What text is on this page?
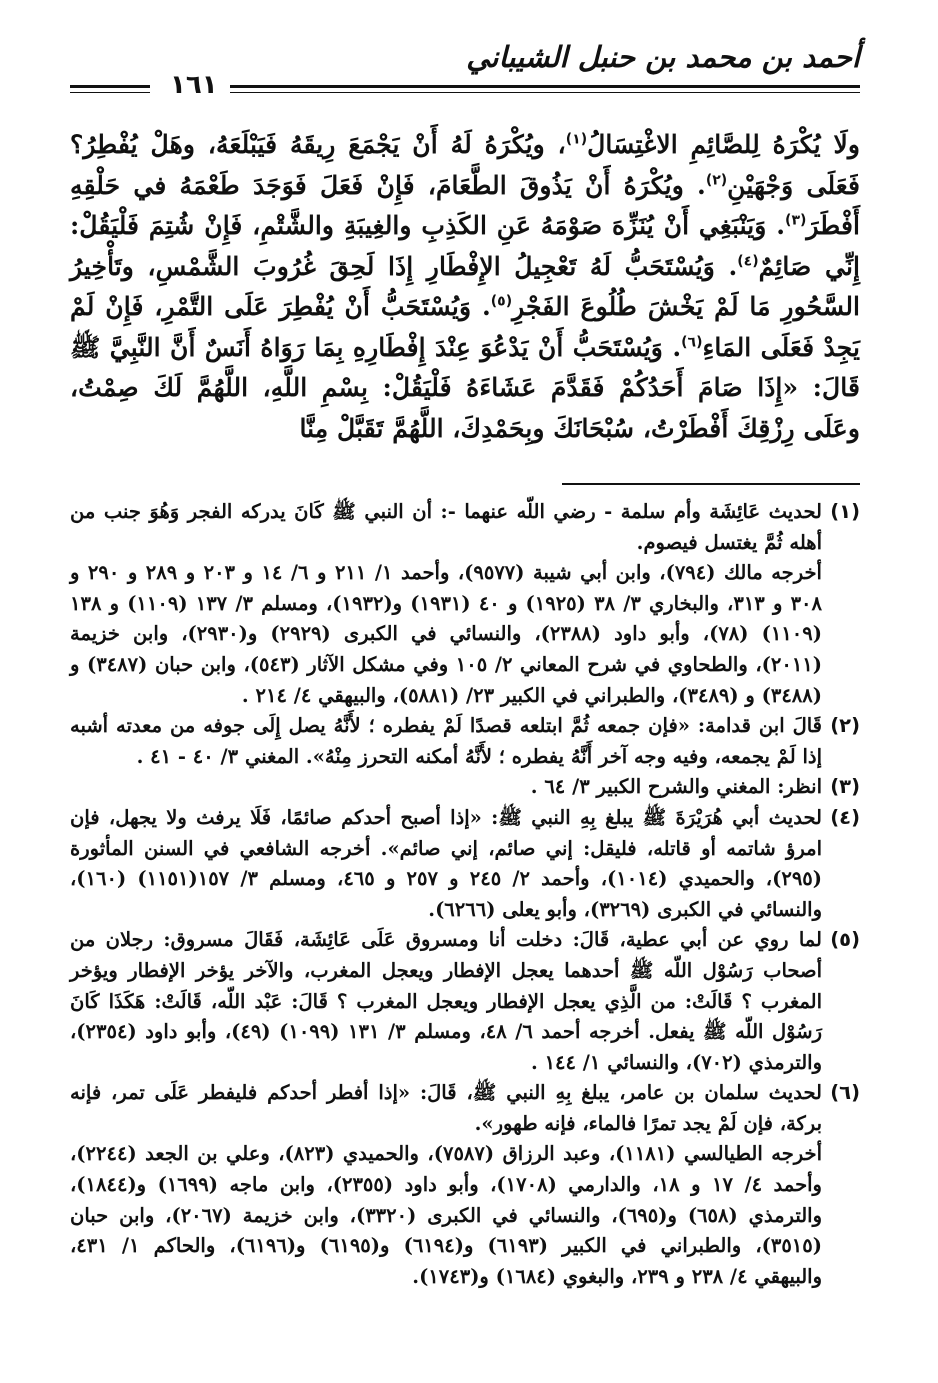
أحمد بن محمد بن حنبل الشيباني
١٦١

ولَا يُكْرَهُ لِلصَّائِمِ الاغْتِسَالُ$^{(١)}$، ويُكْرَهُ لَهُ أَنْ يَجْمَعَ رِيقَهُ فَيَبْلَعَهُ، وهَلْ يُفْطِرُ؟ فَعَلَى وَجْهَيْنِ$^{(٢)}$. ويُكْرَهُ أَنْ يَذُوقَ الطَّعَامَ، فَإِنْ فَعَلَ فَوَجَدَ طَعْمَهُ في حَلْقِهِ أَفْطَرَ$^{(٣)}$. وَيَنْبَغِي أَنْ يُنَزِّهَ صَوْمَهُ عَنِ الكَذِبِ والغِيبَةِ والشَّتْمِ، فَإِنْ شُتِمَ فَلْيَقُلْ: إِنِّي صَائِمٌ$^{(٤)}$. وَيُسْتَحَبُّ لَهُ تَعْجِيلُ الإِفْطَارِ إِذَا لَحِقَ غُرُوبَ الشَّمْسِ، وتَأْخِيرُ السَّحُورِ مَا لَمْ يَخْشَ طُلُوعَ الفَجْرِ$^{(٥)}$. وَيُسْتَحَبُّ أَنْ يُفْطِرَ عَلَى التَّمْرِ، فَإِنْ لَمْ يَجِدْ فَعَلَى المَاءِ$^{(٦)}$. وَيُسْتَحَبُّ أَنْ يَدْعُوَ عِنْدَ إِفْطَارِهِ بِمَا رَوَاهُ أَنَسٌ أَنَّ النَّبِيَّ ﷺ قَالَ: «إِذَا صَامَ أَحَدُكُمْ فَقَدَّمَ عَشَاءَهُ فَلْيَقُلْ: بِسْمِ اللَّهِ، اللَّهُمَّ لَكَ صِمْتُ، وعَلَى رِزْقِكَ أَفْطَرْتُ، سُبْحَانَكَ وبِحَمْدِكَ، اللَّهُمَّ تَقَبَّلْ مِنَّا

(١)

لحديث عَائِشَة وأم سلمة - رضي اللّه عنهما -: أن النبي ﷺ كَانَ يدركه الفجر وَهُوَ جنب من أهله ثُمَّ يغتسل فيصوم.

أخرجه مالك (٧٩٤)، وابن أبي شيبة (٩٥٧٧)، وأحمد ١/ ٢١١ و ٦/ ١٤ و ٢٠٣ و ٢٨٩ و ٢٩٠ و ٣٠٨ و ٣١٣، والبخاري ٣/ ٣٨ (١٩٢٥) و ٤٠ (١٩٣١) و(١٩٣٢)، ومسلم ٣/ ١٣٧ (١١٠٩) و ١٣٨ (١١٠٩) (٧٨)، وأبو داود (٢٣٨٨)، والنسائي في الكبرى (٢٩٢٩) و(٢٩٣٠)، وابن خزيمة (٢٠١١)، والطحاوي في شرح المعاني ٢/ ١٠٥ وفي مشكل الآثار (٥٤٣)، وابن حبان (٣٤٨٧) و (٣٤٨٨) و (٣٤٨٩)، والطبراني في الكبير ٢٣/ (٥٨٨١)، والبيهقي ٤/ ٢١٤ .

(٢)

قَالَ ابن قدامة: «فإن جمعه ثُمَّ ابتلعه قصدًا لَمْ يفطره ؛ لأَنَّهُ يصل إِلَى جوفه من معدته أشبه إذا لَمْ يجمعه، وفيه وجه آخر أَنَّهُ يفطره ؛ لأَنَّهُ أمكنه التحرز مِنْهُ». المغني ٣/ ٤٠ - ٤١ .

(٣)

انظر: المغني والشرح الكبير ٣/ ٦٤ .

(٤)

لحديث أبي هُرَيْرَةَ ﷺ يبلغ بِهِ النبي ﷺ: «إذا أصبح أحدكم صائمًا، فَلَا يرفث ولا يجهل، فإن امرؤ شاتمه أو قاتله، فليقل: إني صائم، إني صائم». أخرجه الشافعي في السنن المأثورة (٢٩٥)، والحميدي (١٠١٤)، وأحمد ٢/ ٢٤٥ و ٢٥٧ و ٤٦٥، ومسلم ٣/ ١٥٧(١١٥١) (١٦٠)، والنسائي في الكبرى (٣٢٦٩)، وأبو يعلى (٦٢٦٦).

(٥)

لما روي عن أبي عطية، قَالَ: دخلت أنا ومسروق عَلَى عَائِشَة، فَقَالَ مسروق: رجلان من أصحاب رَسُوْل اللّه ﷺ أحدهما يعجل الإفطار ويعجل المغرب، والآخر يؤخر الإفطار ويؤخر المغرب ؟ قَالَتْ: من الَّذِي يعجل الإفطار ويعجل المغرب ؟ قَالَ: عَبْد اللّه، قَالَتْ: هَكَذَا كَانَ رَسُوْل اللّه ﷺ يفعل. أخرجه أحمد ٦/ ٤٨، ومسلم ٣/ ١٣١ (١٠٩٩) (٤٩)، وأبو داود (٢٣٥٤)، والترمذي (٧٠٢)، والنسائي ١/ ١٤٤ .

(٦)

لحديث سلمان بن عامر، يبلغ بِهِ النبي ﷺ، قَالَ: «إذا أفطر أحدكم فليفطر عَلَى تمر، فإنه بركة، فإن لَمْ يجد تمرًا فالماء، فإنه طهور».

أخرجه الطيالسي (١١٨١)، وعبد الرزاق (٧٥٨٧)، والحميدي (٨٢٣)، وعلي بن الجعد (٢٢٤٤)، وأحمد ٤/ ١٧ و ١٨، والدارمي (١٧٠٨)، وأبو داود (٢٣٥٥)، وابن ماجه (١٦٩٩) و(١٨٤٤)، والترمذي (٦٥٨) و(٦٩٥)، والنسائي في الكبرى (٣٣٢٠)، وابن خزيمة (٢٠٦٧)، وابن حبان (٣٥١٥)، والطبراني في الكبير (٦١٩٣) و(٦١٩٤) و(٦١٩٥) و(٦١٩٦)، والحاكم ١/ ٤٣١، والبيهقي ٤/ ٢٣٨ و ٢٣٩، والبغوي (١٦٨٤) و(١٧٤٣).
